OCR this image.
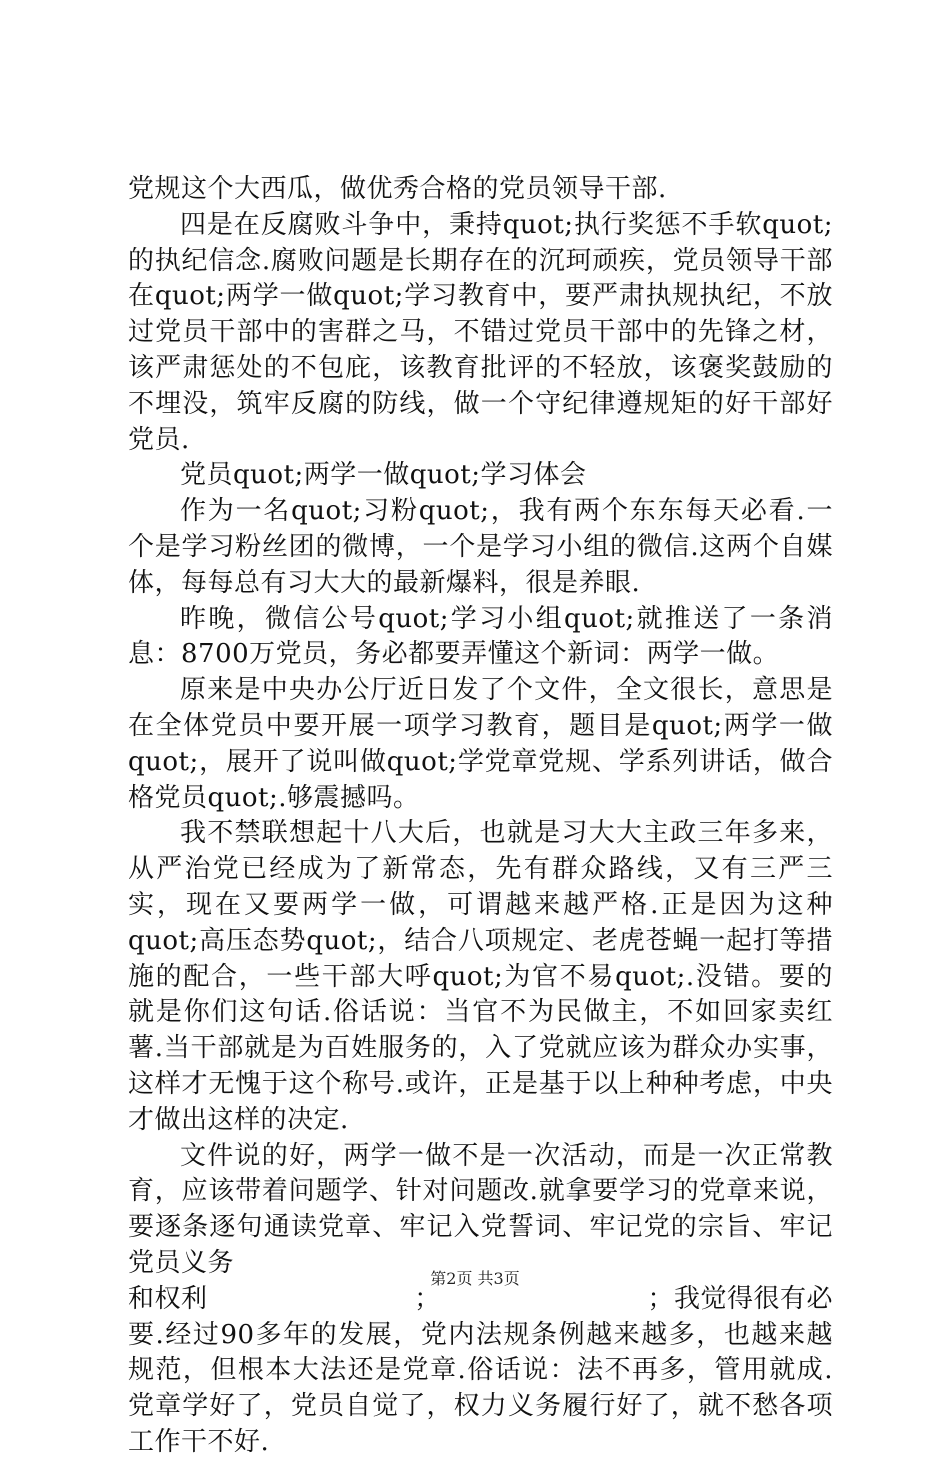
党规这个大西瓜，做优秀合格的党员领导干部.

四是在反腐败斗争中，秉持quot;执行奖惩不手软quot;的执纪信念.腐败问题是长期存在的沉珂顽疾，党员领导干部在quot;两学一做quot;学习教育中，要严肃执规执纪，不放过党员干部中的害群之马，不错过党员干部中的先锋之材，该严肃惩处的不包庇，该教育批评的不轻放，该褒奖鼓励的不埋没，筑牢反腐的防线，做一个守纪律遵规矩的好干部好党员.

党员quot;两学一做quot;学习体会

作为一名quot;习粉quot;，我有两个东东每天必看.一个是学习粉丝团的微博，一个是学习小组的微信.这两个自媒体，每每总有习大大的最新爆料，很是养眼.

昨晚，微信公号quot;学习小组quot;就推送了一条消息：8700万党员，务必都要弄懂这个新词：两学一做。

原来是中央办公厅近日发了个文件，全文很长，意思是在全体党员中要开展一项学习教育，题目是quot;两学一做quot;，展开了说叫做quot;学党章党规、学系列讲话，做合格党员quot;.够震撼吗。

我不禁联想起十八大后，也就是习大大主政三年多来，从严治党已经成为了新常态，先有群众路线，又有三严三实，现在又要两学一做，可谓越来越严格.正是因为这种quot;高压态势quot;，结合八项规定、老虎苍蝇一起打等措施的配合，一些干部大呼quot;为官不易quot;.没错。要的就是你们这句话.俗话说：当官不为民做主，不如回家卖红薯.当干部就是为百姓服务的，入了党就应该为群众办实事，这样才无愧于这个称号.或许，正是基于以上种种考虑，中央才做出这样的决定.

文件说的好，两学一做不是一次活动，而是一次正常教育，应该带着问题学、针对问题改.就拿要学习的党章来说，要逐条逐句通读党章、牢记入党誓词、牢记党的宗旨、牢记党员义务

和权利	；	；我觉得很有必

要.经过90多年的发展，党内法规条例越来越多，也越来越规范，但根本大法还是党章.俗话说：法不再多，管用就成.党章学好了，党员自觉了，权力义务履行好了，就不愁各项工作干不好.

第2页 共3页
